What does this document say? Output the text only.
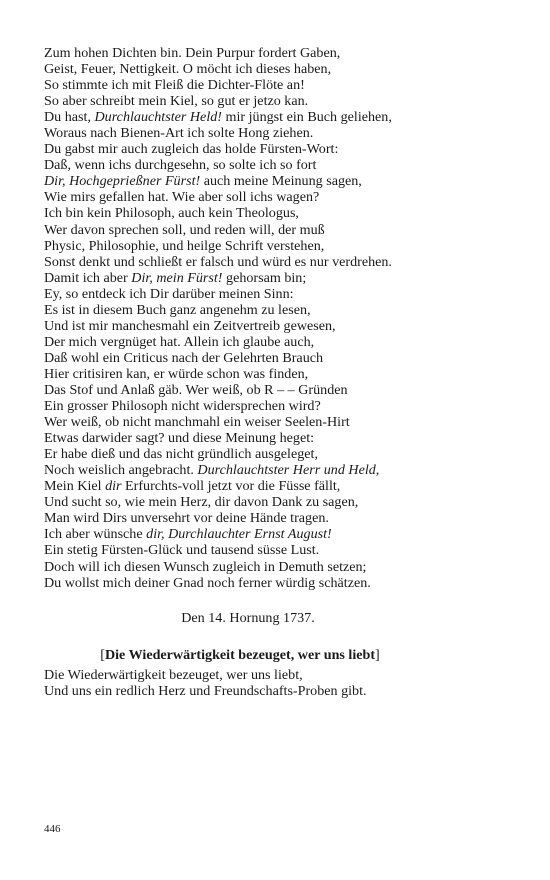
Zum hohen Dichten bin. Dein Purpur fordert Gaben,
Geist, Feuer, Nettigkeit. O möcht ich dieses haben,
So stimmte ich mit Fleiß die Dichter-Flöte an!
So aber schreibt mein Kiel, so gut er jetzo kan.
Du hast, Durchlauchtster Held! mir jüngst ein Buch geliehen,
Woraus nach Bienen-Art ich solte Hong ziehen.
Du gabst mir auch zugleich das holde Fürsten-Wort:
Daß, wenn ichs durchgesehn, so solte ich so fort
Dir, Hochgepriеßner Fürst! auch meine Meinung sagen,
Wie mirs gefallen hat. Wie aber soll ichs wagen?
Ich bin kein Philosoph, auch kein Theologus,
Wer davon sprechen soll, und reden will, der muß
Physic, Philosophie, und heilge Schrift verstehen,
Sonst denkt und schließt er falsch und würd es nur verdrehen.
Damit ich aber Dir, mein Fürst! gehorsam bin;
Ey, so entdeck ich Dir darüber meinen Sinn:
Es ist in diesem Buch ganz angenehm zu lesen,
Und ist mir manchesmahl ein Zeitvertreib gewesen,
Der mich vergnüget hat. Allein ich glaube auch,
Daß wohl ein Criticus nach der Gelehrten Brauch
Hier critisiren kan, er würde schon was finden,
Das Stof und Anlaß gäb. Wer weiß, ob R – – Gründen
Ein grosser Philosoph nicht widersprechen wird?
Wer weiß, ob nicht manchmahl ein weiser Seelen-Hirt
Etwas darwider sagt? und diese Meinung heget:
Er habe dieß und das nicht gründlich ausgeleget,
Noch weislich angebracht. Durchlauchtster Herr und Held,
Mein Kiel dir Erfurchts-voll jetzt vor die Füsse fällt,
Und sucht so, wie mein Herz, dir davon Dank zu sagen,
Man wird Dirs unversehrt vor deine Hände tragen.
Ich aber wünsche dir, Durchlauchter Ernst August!
Ein stetig Fürsten-Glück und tausend süsse Lust.
Doch will ich diesen Wunsch zugleich in Demuth setzen;
Du wollst mich deiner Gnad noch ferner würdig schätzen.
Den 14. Hornung 1737.
[Die Wiederwärtigkeit bezeuget, wer uns liebt]
Die Wiederwärtigkeit bezeuget, wer uns liebt,
Und uns ein redlich Herz und Freundschafts-Proben gibt.
446
